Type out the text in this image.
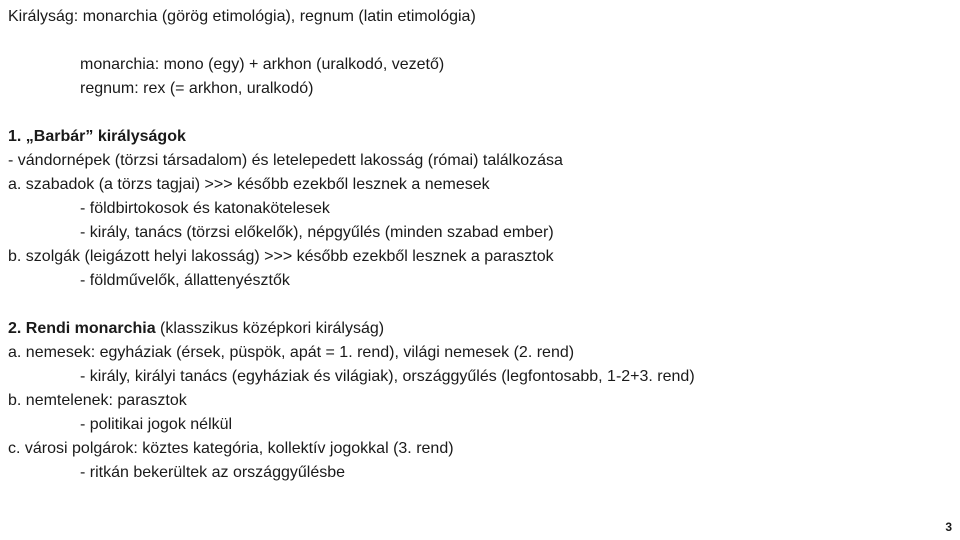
Királyság: monarchia (görög etimológia), regnum (latin etimológia)
monarchia: mono (egy) + arkhon (uralkodó, vezető)
regnum: rex (= arkhon, uralkodó)
1. „Barbár” királyságok
- vándornépek (törzsi társadalom) és letelepedett lakosság (római) találkozása
a. szabadok (a törzs tagjai) >>> később ezekből lesznek a nemesek
- földbirtokosok és katonakötelesek
- király, tanács (törzsi előkelők), népgyűlés (minden szabad ember)
b. szolgák (leigázott helyi lakosság) >>> később ezekből lesznek a parasztok
- földművelők, állattenyésztők
2. Rendi monarchia (klasszikus középkori királyság)
a. nemesek: egyháziak (érsek, püspök, apát = 1. rend), világi nemesek (2. rend)
- király, királyi tanács (egyháziak és világiak), országgyűlés (legfontosabb, 1-2+3. rend)
b. nemtelenek: parasztok
- politikai jogok nélkül
c. városi polgárok: köztes kategória, kollektív jogokkal (3. rend)
- ritkán bekerültek az országgyűlésbe
3
